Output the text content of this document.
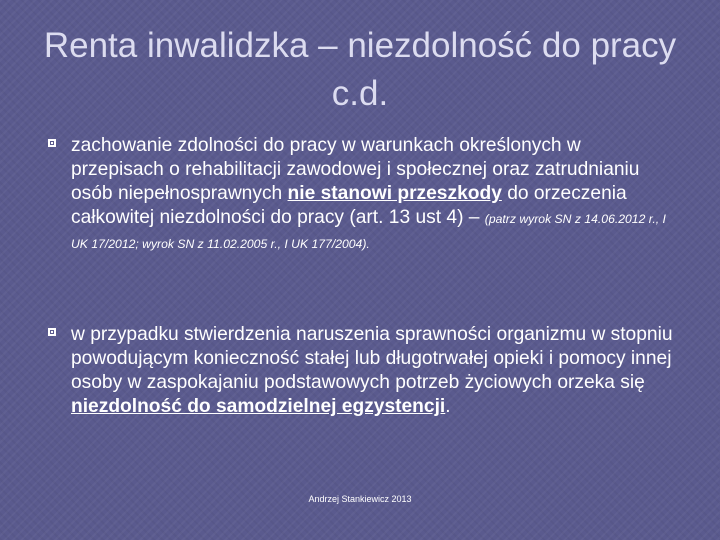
Renta inwalidzka – niezdolność do pracy c.d.
zachowanie zdolności do pracy w warunkach określonych w przepisach o rehabilitacji zawodowej i społecznej oraz zatrudnianiu osób niepełnosprawnych nie stanowi przeszkody do orzeczenia całkowitej niezdolności do pracy (art. 13 ust 4) – (patrz wyrok SN z 14.06.2012 r., I UK 17/2012; wyrok SN z 11.02.2005 r., I UK 177/2004).
w przypadku stwierdzenia naruszenia sprawności organizmu w stopniu powodującym konieczność stałej lub długotrwałej opieki i pomocy innej osoby w zaspokajaniu podstawowych potrzeb życiowych orzeka się niezdolność do samodzielnej egzystencji.
Andrzej Stankiewicz 2013
